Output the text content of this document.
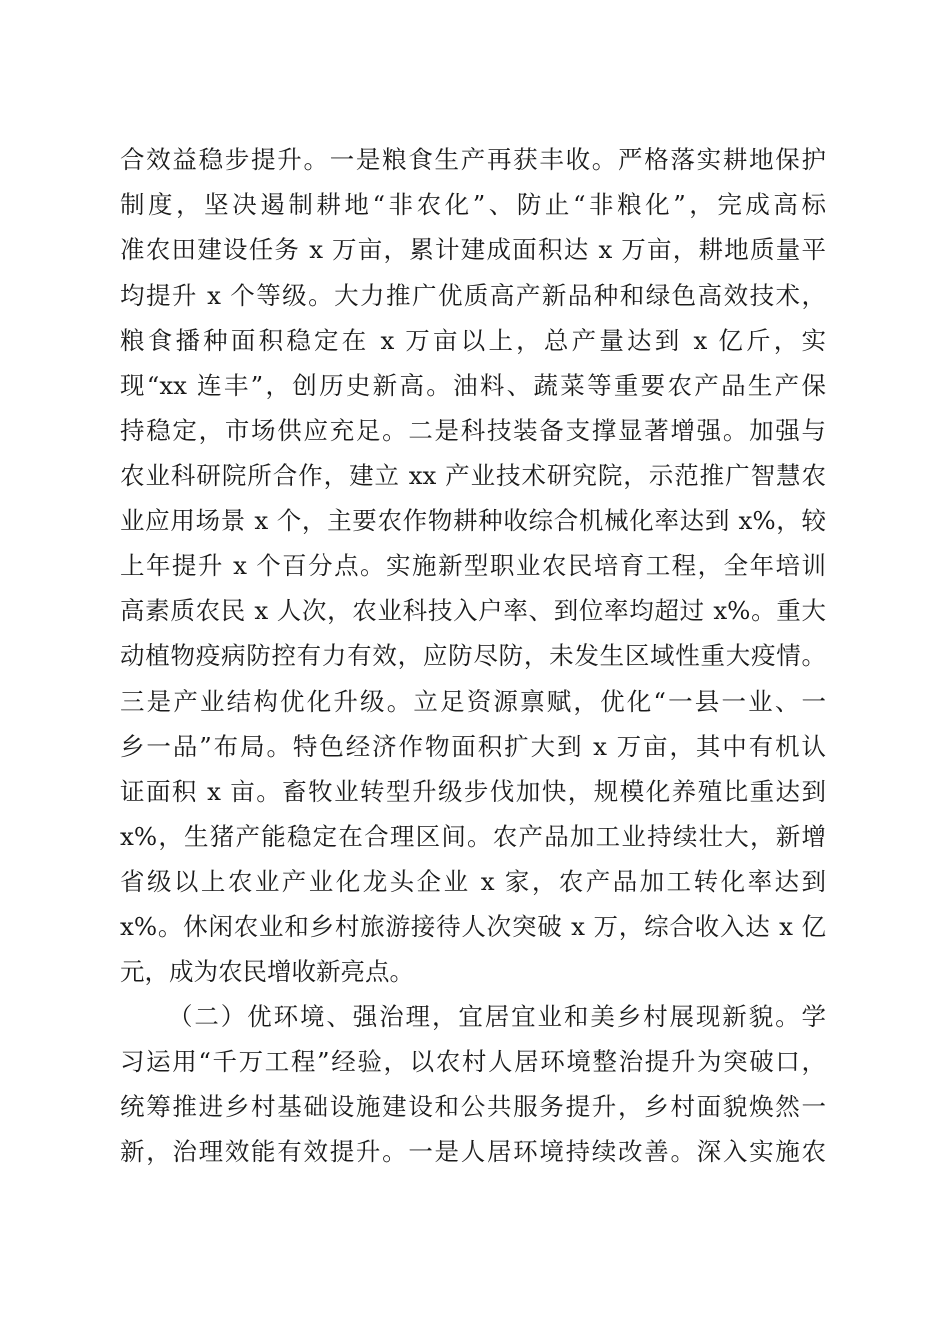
合效益稳步提升。一是粮食生产再获丰收。严格落实耕地保护
制度，坚决遏制耕地“非农化”、防止“非粮化”，完成高标
准农田建设任务 x 万亩，累计建成面积达 x 万亩，耕地质量平
均提升 x 个等级。大力推广优质高产新品种和绿色高效技术，
粮食播种面积稳定在 x 万亩以上，总产量达到 x 亿斤，实
现“xx 连丰”，创历史新高。油料、蔬菜等重要农产品生产保
持稳定，市场供应充足。二是科技装备支撑显著增强。加强与
农业科研院所合作，建立 xx 产业技术研究院，示范推广智慧农
业应用场景 x 个，主要农作物耕种收综合机械化率达到 x%，较
上年提升 x 个百分点。实施新型职业农民培育工程，全年培训
高素质农民 x 人次，农业科技入户率、到位率均超过 x%。重大
动植物疫病防控有力有效，应防尽防，未发生区域性重大疫情。
三是产业结构优化升级。立足资源禀赋，优化“一县一业、一
乡一品”布局。特色经济作物面积扩大到 x 万亩，其中有机认
证面积 x 亩。畜牧业转型升级步伐加快，规模化养殖比重达到
x%，生猪产能稳定在合理区间。农产品加工业持续壮大，新增
省级以上农业产业化龙头企业 x 家，农产品加工转化率达到
x%。休闲农业和乡村旅游接待人次突破 x 万，综合收入达 x 亿
元，成为农民增收新亮点。
（二）优环境、强治理，宜居宜业和美乡村展现新貌。学
习运用“千万工程”经验，以农村人居环境整治提升为突破口，
统筹推进乡村基础设施建设和公共服务提升，乡村面貌焕然一
新，治理效能有效提升。一是人居环境持续改善。深入实施农
